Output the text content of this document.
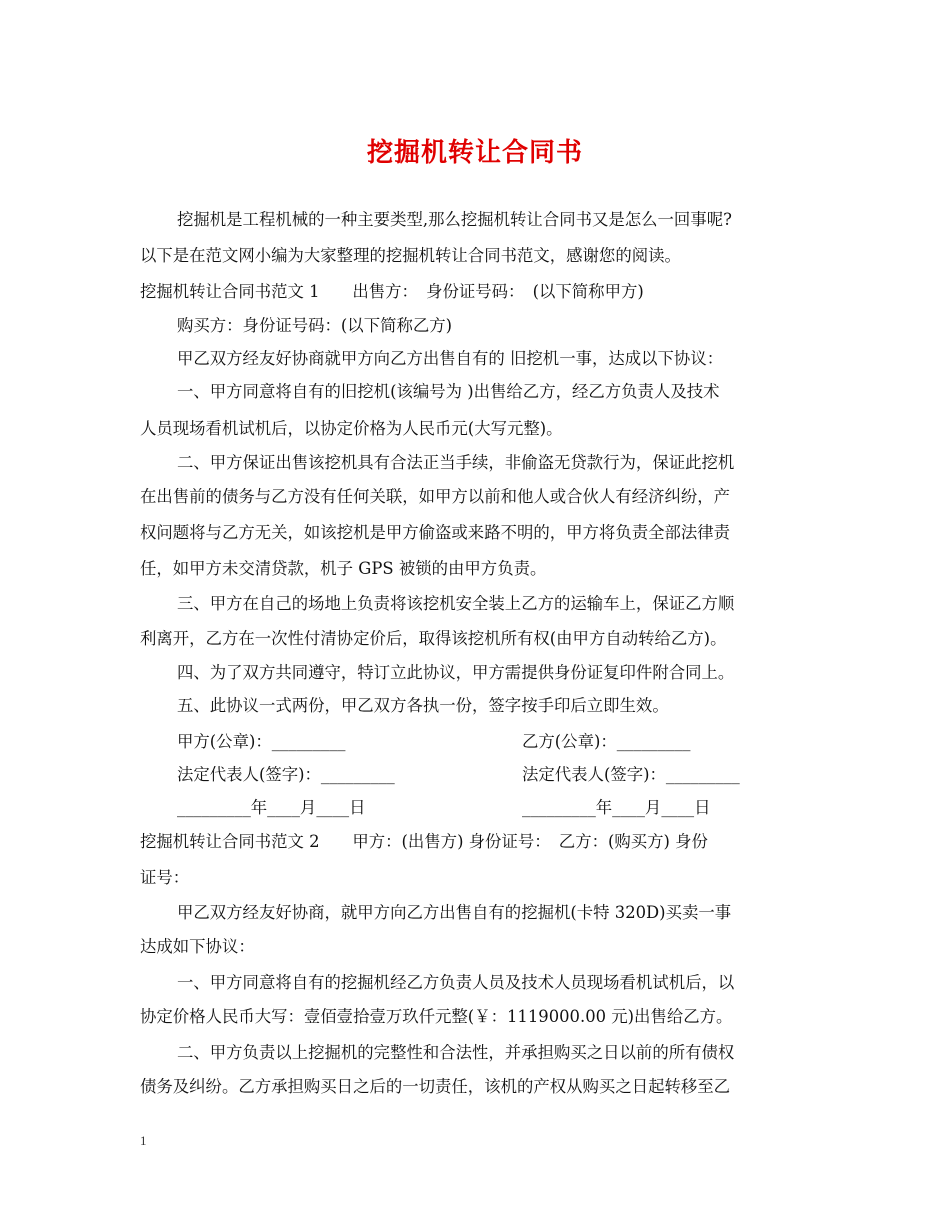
挖掘机转让合同书
挖掘机是工程机械的一种主要类型,那么挖掘机转让合同书又是怎么一回事呢?
以下是在范文网小编为大家整理的挖掘机转让合同书范文，感谢您的阅读。
挖掘机转让合同书范文 1　　出售方：　身份证号码：　(以下简称甲方)
购买方：身份证号码：(以下简称乙方)
甲乙双方经友好协商就甲方向乙方出售自有的 旧挖机一事，达成以下协议：
一、甲方同意将自有的旧挖机(该编号为 )出售给乙方，经乙方负责人及技术
人员现场看机试机后，以协定价格为人民币元(大写元整)。
二、甲方保证出售该挖机具有合法正当手续，非偷盗无贷款行为，保证此挖机
在出售前的债务与乙方没有任何关联，如甲方以前和他人或合伙人有经济纠纷，产
权问题将与乙方无关，如该挖机是甲方偷盗或来路不明的，甲方将负责全部法律责
任，如甲方未交清贷款，机子 GPS 被锁的由甲方负责。
三、甲方在自己的场地上负责将该挖机安全装上乙方的运输车上，保证乙方顺
利离开，乙方在一次性付清协定价后，取得该挖机所有权(由甲方自动转给乙方)。
四、为了双方共同遵守，特订立此协议，甲方需提供身份证复印件附合同上。
五、此协议一式两份，甲乙双方各执一份，签字按手印后立即生效。
甲方(公章)：_________	乙方(公章)：_________
法定代表人(签字)：_________	法定代表人(签字)：_________
_________年____月____日	_________年____月____日
挖掘机转让合同书范文 2　　甲方：(出售方) 身份证号：　乙方：(购买方) 身份
证号：
甲乙双方经友好协商，就甲方向乙方出售自有的挖掘机(卡特 320D)买卖一事
达成如下协议：
一、甲方同意将自有的挖掘机经乙方负责人员及技术人员现场看机试机后，以
协定价格人民币大写：壹佰壹拾壹万玖仟元整(￥：1119000.00 元)出售给乙方。
二、甲方负责以上挖掘机的完整性和合法性，并承担购买之日以前的所有债权
债务及纠纷。乙方承担购买日之后的一切责任，该机的产权从购买之日起转移至乙
1
